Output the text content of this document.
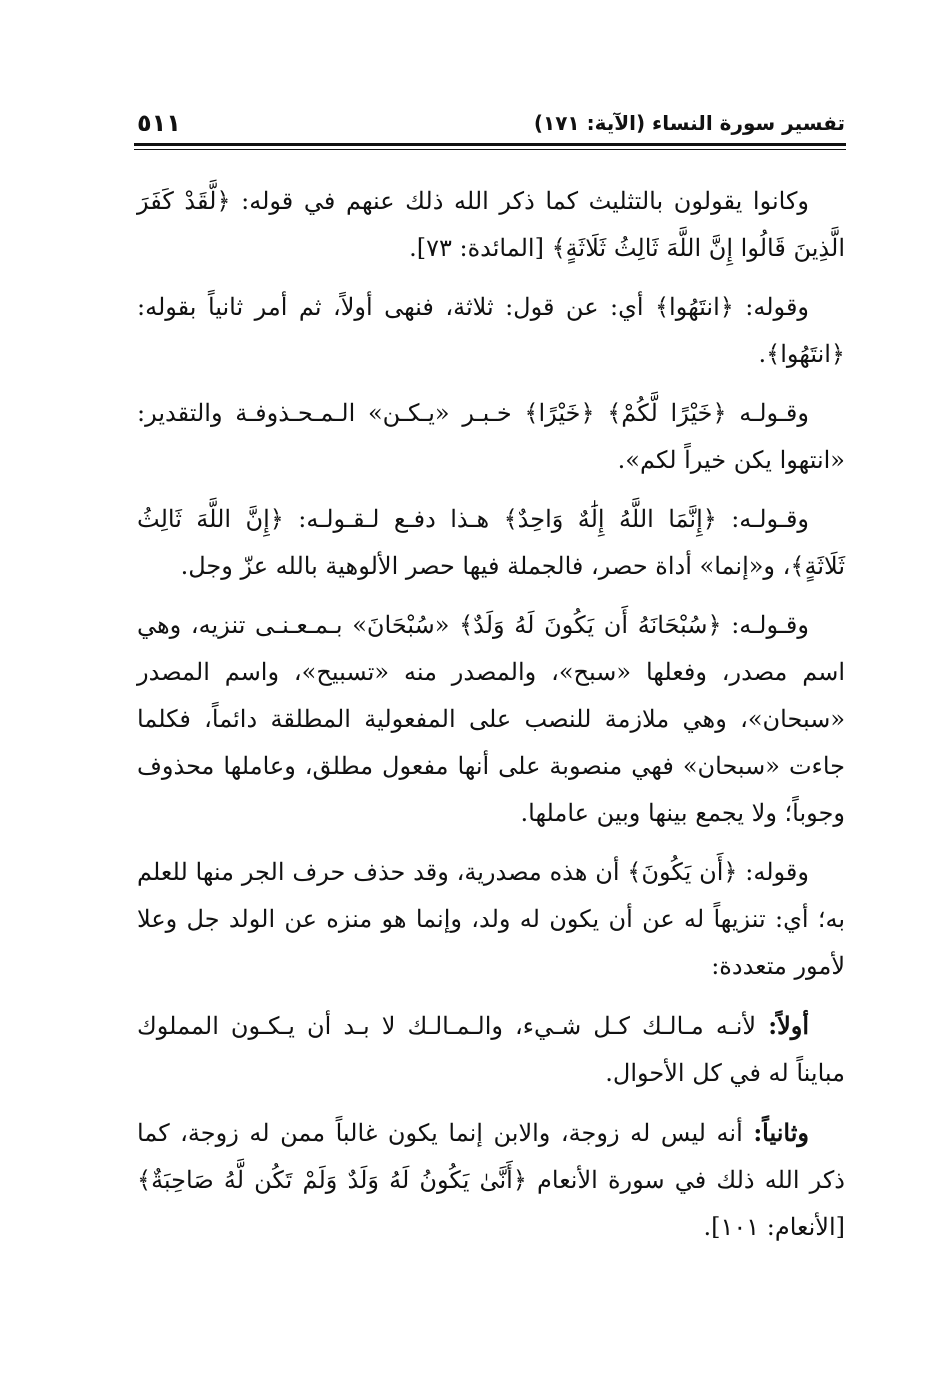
تفسير سورة النساء (الآية: ١٧١)
٥١١

وكانوا يقولون بالتثليث كما ذكر الله ذلك عنهم في قوله: ﴿لَّقَدْ كَفَرَ الَّذِينَ قَالُوا إِنَّ اللَّهَ ثَالِثُ ثَلَاثَةٍ﴾ [المائدة: ٧٣].

وقوله: ﴿انتَهُوا﴾ أي: عن قول: ثلاثة، فنهى أولاً، ثم أمر ثانياً بقوله: ﴿انتَهُوا﴾.

وقـولـه ﴿خَيْرًا لَّكُمْ﴾ ﴿خَيْرًا﴾ خـبـر «يـكـن» الـمـحـذوفـة والتقدير: «انتهوا يكن خيراً لكم».

وقـولـه: ﴿إِنَّمَا اللَّهُ إِلَٰهٌ وَاحِدٌ﴾ هـذا دفـع لـقـولـه: ﴿إِنَّ اللَّهَ ثَالِثُ ثَلَاثَةٍ﴾، و«إنما» أداة حصر، فالجملة فيها حصر الألوهية بالله عزّ وجل.

وقـولـه: ﴿سُبْحَانَهُ أَن يَكُونَ لَهُ وَلَدٌ﴾ «سُبْحَانَ» بـمـعـنـى تنزيه، وهي اسم مصدر، وفعلها «سبح»، والمصدر منه «تسبيح»، واسم المصدر «سبحان»، وهي ملازمة للنصب على المفعولية المطلقة دائماً، فكلما جاءت «سبحان» فهي منصوبة على أنها مفعول مطلق، وعاملها محذوف وجوباً؛ ولا يجمع بينها وبين عاملها.

وقوله: ﴿أَن يَكُونَ﴾ أن هذه مصدرية، وقد حذف حرف الجر منها للعلم به؛ أي: تنزيهاً له عن أن يكون له ولد، وإنما هو منزه عن الولد جل وعلا لأمور متعددة:

أولاً: لأنـه مـالـك كـل شـيء، والـمـالـك لا بـد أن يـكـون المملوك مبايناً له في كل الأحوال.

وثانياً: أنه ليس له زوجة، والابن إنما يكون غالباً ممن له زوجة، كما ذكر الله ذلك في سورة الأنعام ﴿أَنَّىٰ يَكُونُ لَهُ وَلَدٌ وَلَمْ تَكُن لَّهُ صَاحِبَةٌ﴾ [الأنعام: ١٠١].
